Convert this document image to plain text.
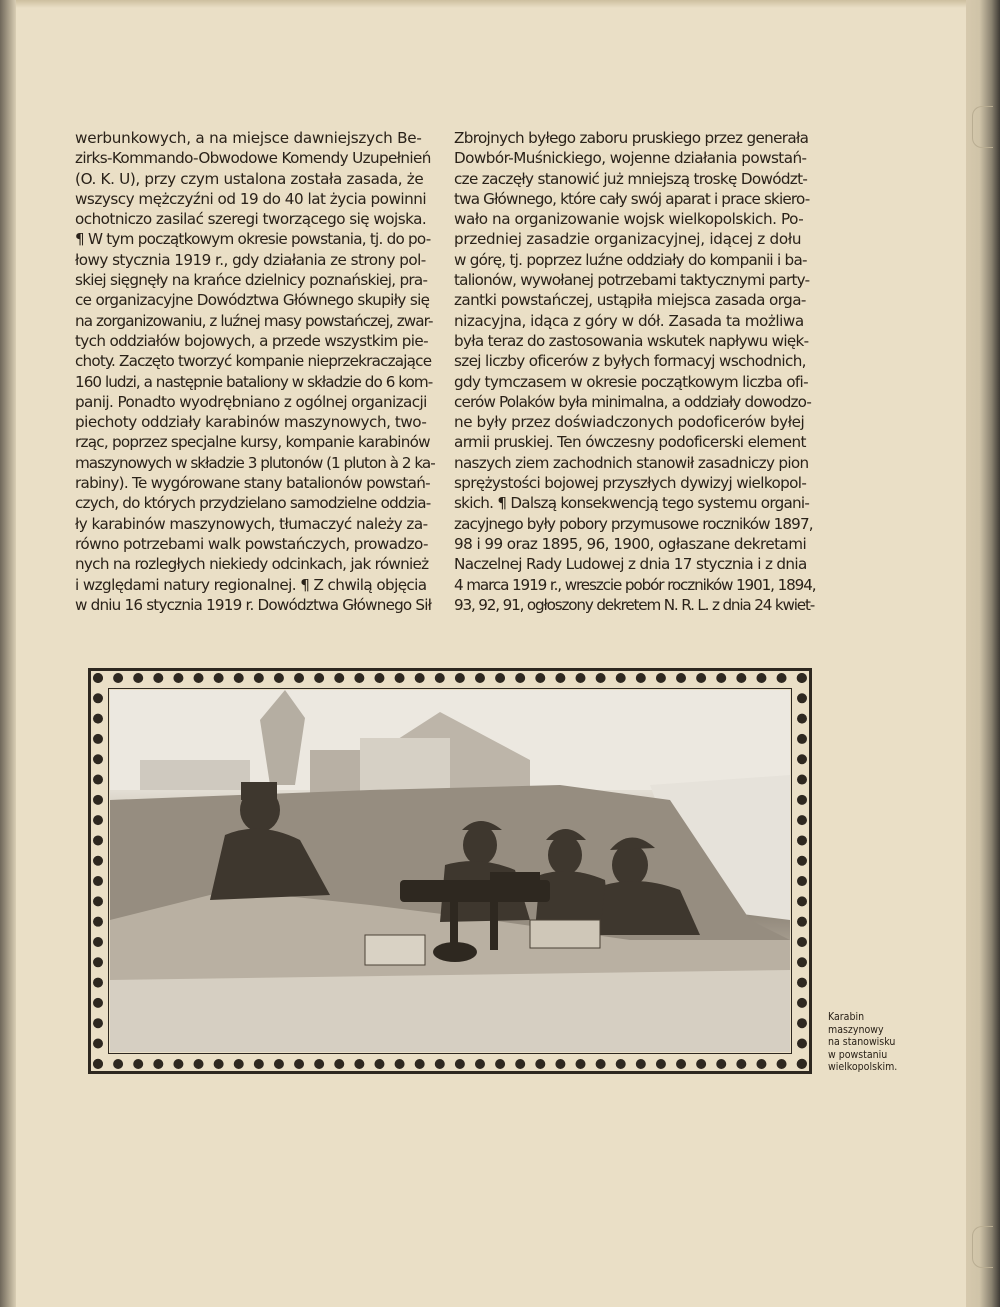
werbunkowych, a na miejsce dawniejszych Be-
zirks-Kommando-Obwodowe Komendy Uzupełnień
(O. K. U), przy czym ustalona została zasada, że
wszyscy mężczyźni od 19 do 40 lat życia powinni
ochotniczo zasilać szeregi tworzącego się wojska.
¶ W tym początkowym okresie powstania, tj. do po-
łowy stycznia 1919 r., gdy działania ze strony pol-
skiej sięgnęły na krańce dzielnicy poznańskiej, pra-
ce organizacyjne Dowództwa Głównego skupiły się
na zorganizowaniu, z luźnej masy powstańczej, zwar-
tych oddziałów bojowych, a przede wszystkim pie-
choty. Zaczęto tworzyć kompanie nieprzekraczające
160 ludzi, a następnie bataliony w składzie do 6 kom-
panij. Ponadto wyodrębniano z ogólnej organizacji
piechoty oddziały karabinów maszynowych, two-
rząc, poprzez specjalne kursy, kompanie karabinów
maszynowych w składzie 3 plutonów (1 pluton à 2 ka-
rabiny). Te wygórowane stany batalionów powstań-
czych, do których przydzielano samodzielne oddzia-
ły karabinów maszynowych, tłumaczyć należy za-
równo potrzebami walk powstańczych, prowadzo-
nych na rozległych niekiedy odcinkach, jak również
i względami natury regionalnej. ¶ Z chwilą objęcia
w dniu 16 stycznia 1919 r. Dowództwa Głównego Sił
Zbrojnych byłego zaboru pruskiego przez generała
Dowbór-Muśnickiego, wojenne działania powstań-
cze zaczęły stanowić już mniejszą troskę Dowództ-
twa Głównego, które cały swój aparat i prace skiero-
wało na organizowanie wojsk wielkopolskich. Po-
przedniej zasadzie organizacyjnej, idącej z dołu
w górę, tj. poprzez luźne oddziały do kompanii i ba-
talionów, wywołanej potrzebami taktycznymi party-
zantki powstańczej, ustąpiła miejsca zasada orga-
nizacyjna, idąca z góry w dół. Zasada ta możliwa
była teraz do zastosowania wskutek napływu więk-
szej liczby oficerów z byłych formacyj wschodnich,
gdy tymczasem w okresie początkowym liczba ofi-
cerów Polaków była minimalna, a oddziały dowodzo-
ne były przez doświadczonych podoficerów byłej
armii pruskiej. Ten ówczesny podoficerski element
naszych ziem zachodnich stanowił zasadniczy pion
sprężystości bojowej przyszłych dywizyj wielkopol-
skich. ¶ Dalszą konsekwencją tego systemu organi-
zacyjnego były pobory przymusowe roczników 1897,
98 i 99 oraz 1895, 96, 1900, ogłaszane dekretami
Naczelnej Rady Ludowej z dnia 17 stycznia i z dnia
4 marca 1919 r., wreszcie pobór roczników 1901, 1894,
93, 92, 91, ogłoszony dekretem N. R. L. z dnia 24 kwiet-
Karabin
maszynowy
na stanowisku
w powstaniu
wielkopolskim.
